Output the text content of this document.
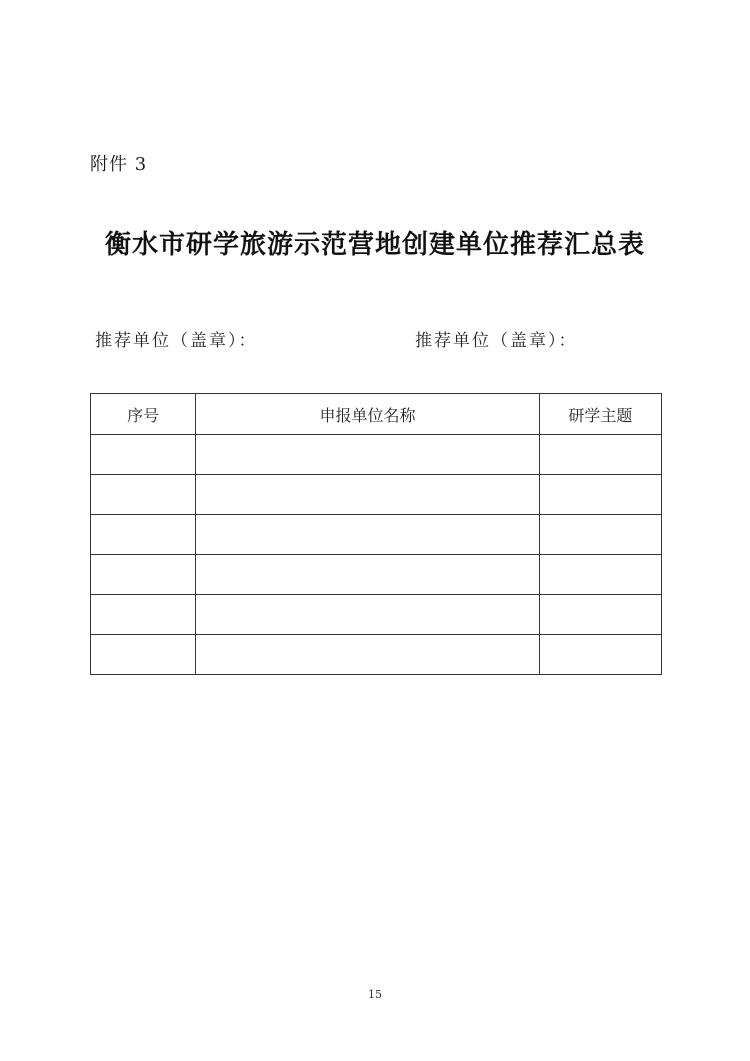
附件 3
衡水市研学旅游示范营地创建单位推荐汇总表
推荐单位（盖章）：	推荐单位（盖章）：
序号	申报单位名称	研学主题

15
